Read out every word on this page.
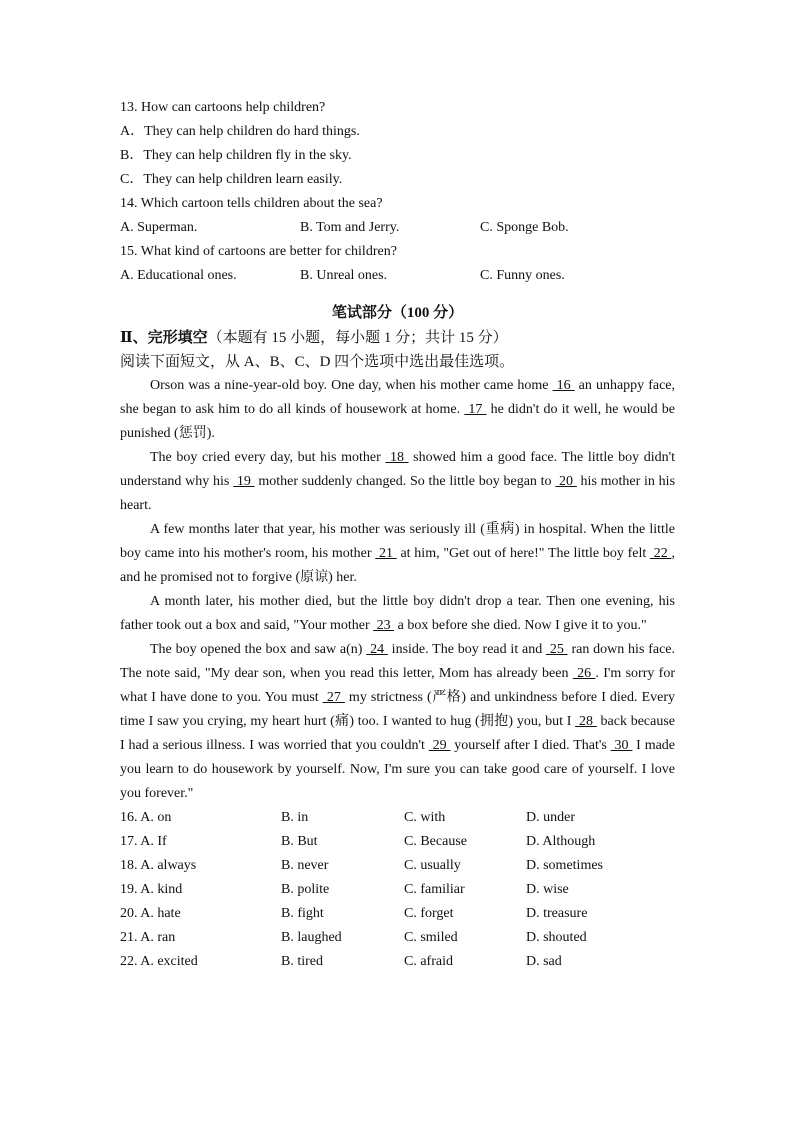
13. How can cartoons help children?
A．They can help children do hard things.
B．They can help children fly in the sky.
C．They can help children learn easily.
14. Which cartoon tells children about the sea?
A. Superman.	B. Tom and Jerry.	C. Sponge Bob.
15. What kind of cartoons are better for children?
A. Educational ones.	B. Unreal ones.	C. Funny ones.
笔试部分（100 分）
Ⅱ、完形填空（本题有 15 小题，每小题 1 分；共计 15 分）
阅读下面短文，从 A、B、C、D 四个选项中选出最佳选项。
Orson was a nine-year-old boy. One day, when his mother came home  16  an unhappy face, she began to ask him to do all kinds of housework at home.  17  he didn't do it well, he would be punished (惩罚).
The boy cried every day, but his mother  18  showed him a good face. The little boy didn't understand why his  19  mother suddenly changed. So the little boy began to  20  his mother in his heart.
A few months later that year, his mother was seriously ill (重病) in hospital. When the little boy came into his mother's room, his mother  21  at him, "Get out of here!" The little boy felt  22 , and he promised not to forgive (原谅) her.
A month later, his mother died, but the little boy didn't drop a tear. Then one evening, his father took out a box and said, "Your mother  23  a box before she died. Now I give it to you."
The boy opened the box and saw a(n)  24  inside. The boy read it and  25  ran down his face. The note said, "My dear son, when you read this letter, Mom has already been  26 . I'm sorry for what I have done to you. You must  27  my strictness (严格) and unkindness before I died. Every time I saw you crying, my heart hurt (痛) too. I wanted to hug (拥抱) you, but I  28  back because I had a serious illness. I was worried that you couldn't  29  yourself after I died. That's  30  I made you learn to do housework by yourself. Now, I'm sure you can take good care of yourself. I love you forever."
16. A. on	B. in	C. with	D. under
17. A. If	B. But	C. Because	D. Although
18. A. always	B. never	C. usually	D. sometimes
19. A. kind	B. polite	C. familiar	D. wise
20. A. hate	B. fight	C. forget	D. treasure
21. A. ran	B. laughed	C. smiled	D. shouted
22. A. excited	B. tired	C. afraid	D. sad
